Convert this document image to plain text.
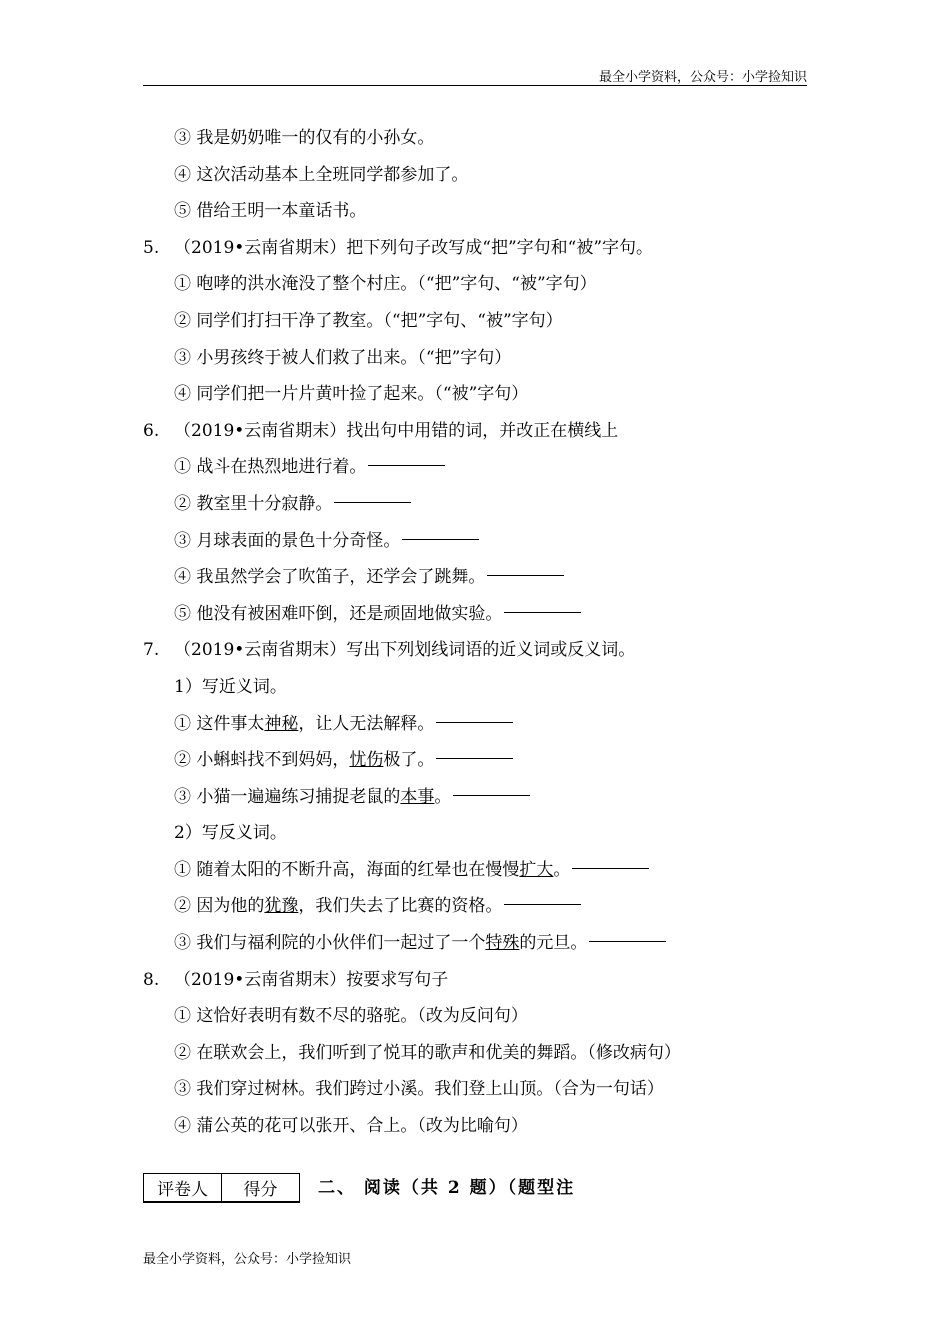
最全小学资料，公众号：小学捡知识
③ 我是奶奶唯一的仅有的小孙女。
④ 这次活动基本上全班同学都参加了。
⑤ 借给王明一本童话书。
5. （2019•云南省期末）把下列句子改写成“把”字句和“被”字句。
① 咆哮的洪水淹没了整个村庄。（“把”字句、“被”字句）
② 同学们打扫干净了教室。（“把”字句、“被”字句）
③ 小男孩终于被人们救了出来。（“把”字句）
④ 同学们把一片片黄叶捡了起来。（“被”字句）
6. （2019•云南省期末）找出句中用错的词，并改正在横线上
① 战斗在热烈地进行着。
② 教室里十分寂静。
③ 月球表面的景色十分奇怪。
④ 我虽然学会了吹笛子，还学会了跳舞。
⑤ 他没有被困难吓倒，还是顽固地做实验。
7. （2019•云南省期末）写出下列划线词语的近义词或反义词。
1）写近义词。
① 这件事太神秘，让人无法解释。
② 小蝌蚪找不到妈妈，忧伤极了。
③ 小猫一遍遍练习捕捉老鼠的本事。
2）写反义词。
① 随着太阳的不断升高，海面的红晕也在慢慢扩大。
② 因为他的犹豫，我们失去了比赛的资格。
③ 我们与福利院的小伙伴们一起过了一个特殊的元旦。
8. （2019•云南省期末）按要求写句子
① 这恰好表明有数不尽的骆驼。（改为反问句）
② 在联欢会上，我们听到了悦耳的歌声和优美的舞蹈。（修改病句）
③ 我们穿过树林。我们跨过小溪。我们登上山顶。（合为一句话）
④ 蒲公英的花可以张开、合上。（改为比喻句）
评卷人	得分 二、 阅读（共 2 题）（题型注
最全小学资料，公众号：小学捡知识
